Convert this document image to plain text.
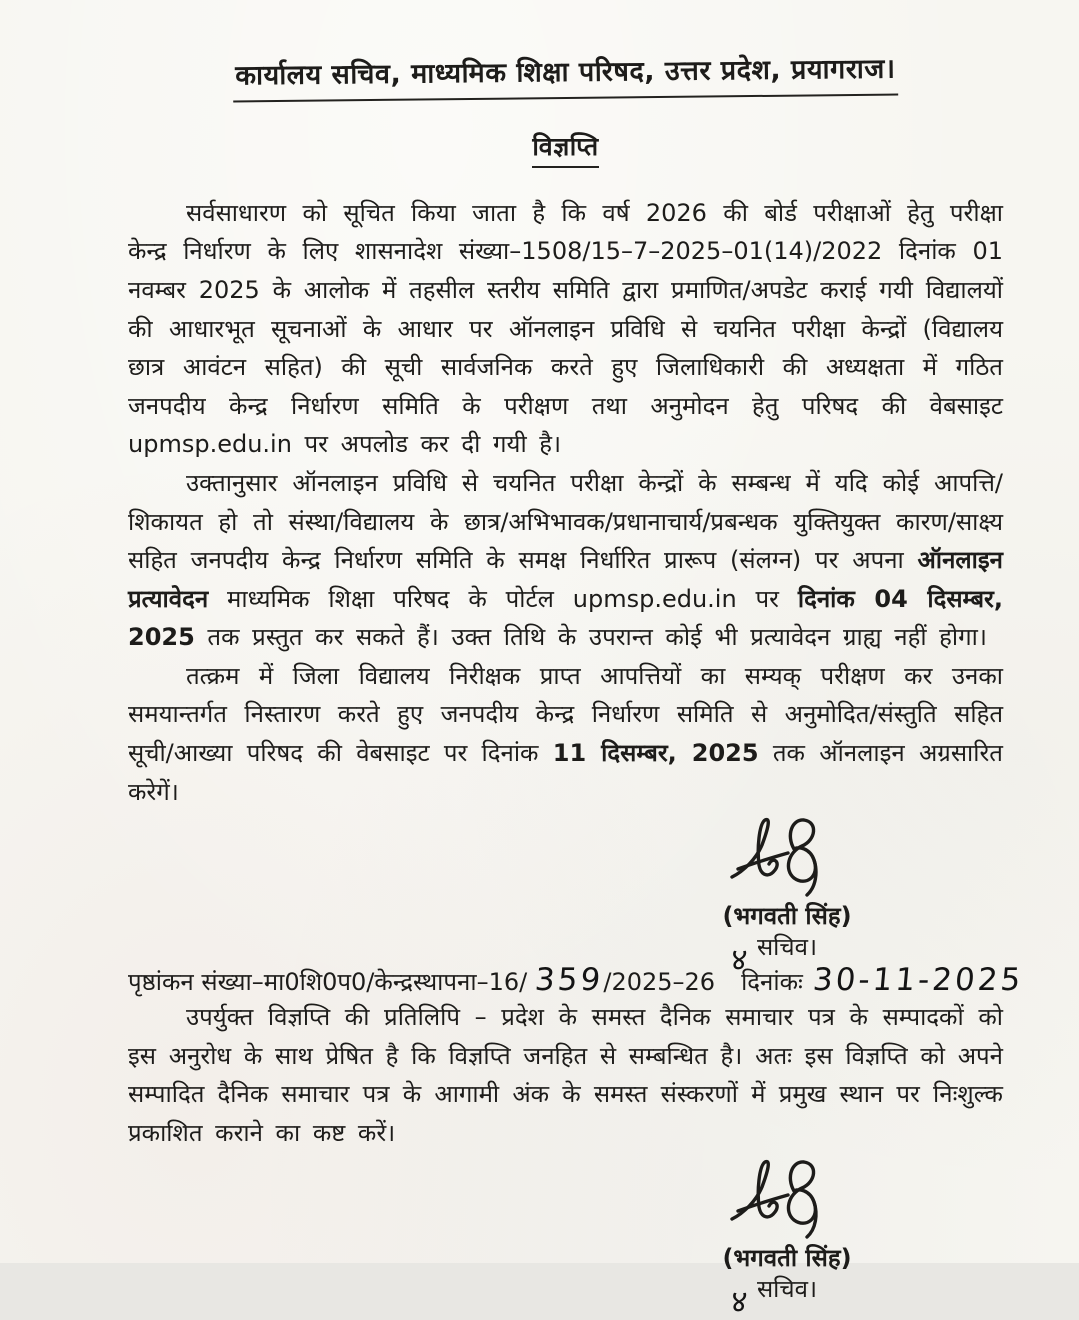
कार्यालय सचिव, माध्यमिक शिक्षा परिषद, उत्तर प्रदेश, प्रयागराज।
विज्ञप्ति

सर्वसाधारण को सूचित किया जाता है कि वर्ष 2026 की बोर्ड परीक्षाओं हेतु परीक्षा केन्द्र निर्धारण के लिए शासनादेश संख्या–1508/15–7–2025–01(14)/2022 दिनांक 01 नवम्बर 2025 के आलोक में तहसील स्तरीय समिति द्वारा प्रमाणित/अपडेट कराई गयी विद्यालयों की आधारभूत सूचनाओं के आधार पर ऑनलाइन प्रविधि से चयनित परीक्षा केन्द्रों (विद्यालय छात्र आवंटन सहित) की सूची सार्वजनिक करते हुए जिलाधिकारी की अध्यक्षता में गठित जनपदीय केन्द्र निर्धारण समिति के परीक्षण तथा अनुमोदन हेतु परिषद की वेबसाइट upmsp.edu.in पर अपलोड कर दी गयी है।

उक्तानुसार ऑनलाइन प्रविधि से चयनित परीक्षा केन्द्रों के सम्बन्ध में यदि कोई आपत्ति/शिकायत हो तो संस्था/विद्यालय के छात्र/अभिभावक/प्रधानाचार्य/प्रबन्धक युक्तियुक्त कारण/साक्ष्य सहित जनपदीय केन्द्र निर्धारण समिति के समक्ष निर्धारित प्रारूप (संलग्न) पर अपना ऑनलाइन प्रत्यावेदन माध्यमिक शिक्षा परिषद के पोर्टल upmsp.edu.in पर दिनांक 04 दिसम्बर, 2025 तक प्रस्तुत कर सकते हैं। उक्त तिथि के उपरान्त कोई भी प्रत्यावेदन ग्राह्य नहीं होगा।

तत्क्रम में जिला विद्यालय निरीक्षक प्राप्त आपत्तियों का सम्यक् परीक्षण कर उनका समयान्तर्गत निस्तारण करते हुए जनपदीय केन्द्र निर्धारण समिति से अनुमोदित/संस्तुति सहित सूची/आख्या परिषद की वेबसाइट पर दिनांक 11 दिसम्बर, 2025 तक ऑनलाइन अग्रसारित करेगें।

(भगवती सिंह)
४ सचिव।
पृष्ठांकन संख्या–मा0शि0प0/केन्द्रस्थापना–16/ 359
/2025–26 दिनांकः 30-11-2025

उपर्युक्त विज्ञप्ति की प्रतिलिपि – प्रदेश के समस्त दैनिक समाचार पत्र के सम्पादकों को इस अनुरोध के साथ प्रेषित है कि विज्ञप्ति जनहित से सम्बन्धित है। अतः इस विज्ञप्ति को अपने सम्पादित दैनिक समाचार पत्र के आगामी अंक के समस्त संस्करणों में प्रमुख स्थान पर निःशुल्क प्रकाशित कराने का कष्ट करें।

(भगवती सिंह)
४ सचिव।
